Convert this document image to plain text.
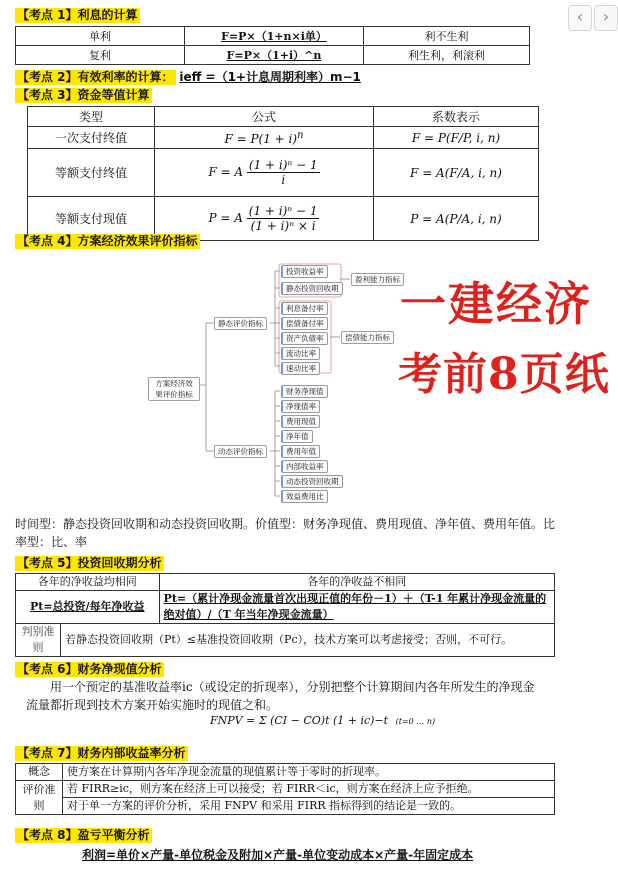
‹	›
【考点 1】利息的计算
单利	F=P×（1+n×i单）	利不生利
复利	F=P×（1+i）^n	利生利，利滚利
【考点 2】有效利率的计算： ieff =（1+计息周期利率）m−1
【考点 3】资金等值计算
类型	公式	系数表示
一次支付终值	$F = P(1 + i)^n$	F = P(F/P, i, n)
等额支付终值	F = A $\frac{\text{(1 + i)ⁿ − 1}}{i}$	F = A(F/A, i, n)
等额支付现值	P = A $\frac{\text{(1 + i)ⁿ − 1}}{\text{(1 + i)ⁿ × i}}$	P = A(P/A, i, n)
【考点 4】方案经济效果评价指标
方案经济效果评价指标
静态评价指标
动态评价指标
投资收益率
静态投资回收期
盈利能力指标
利息备付率
偿债备付率
资产负债率
流动比率
速动比率
偿债能力指标
财务净现值
净现值率
费用现值
净年值
费用年值
内部收益率
动态投资回收期
效益费用比
一建经济
考前8页纸
时间型：静态投资回收期和动态投资回收期。价值型：财务净现值、费用现值、净年值、费用年值。比率型：比、率
【考点 5】投资回收期分析
各年的净收益均相同		各年的净收益不相同
Pt=总投资/每年净收益		Pt=（累计净现金流量首次出现正值的年份－1）＋（T-1 年累计净现金流量的绝对值）/（T 年当年净现金流量）
判别准则	若静态投资回收期（Pt）≤基准投资回收期（Pc），技术方案可以考虑接受；否则，不可行。	
【考点 6】财务净现值分析
用一个预定的基准收益率ic（或设定的折现率），分别把整个计算期间内各年所发生的净现金流量都折现到技术方案开始实施时的现值之和。
FNPV = Σ (CI − CO)t (1 + ic)−t (t=0 … n)
【考点 7】财务内部收益率分析
概念	使方案在计算期内各年净现金流量的现值累计等于零时的折现率。
评价准则	若 FIRR≥ic，则方案在经济上可以接受；若 FIRR＜ic，则方案在经济上应予拒绝。
	对于单一方案的评价分析，采用 FNPV 和采用 FIRR 指标得到的结论是一致的。
【考点 8】盈亏平衡分析
利润=单价×产量-单位税金及附加×产量-单位变动成本×产量-年固定成本
